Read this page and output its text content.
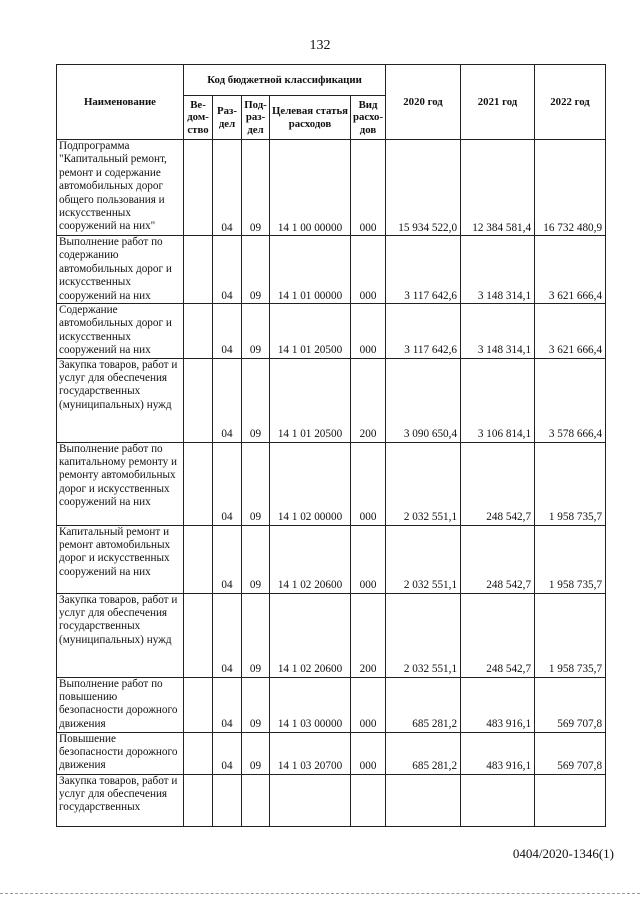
132
Наименование	Код бюджетной классификации					2020 год	2021 год	2022 год
	Ве-дом-ство	Раз-дел	Под-раз-дел	Целевая статья расходов	Вид расхо-дов			
Подпрограмма "Капитальный ремонт, ремонт и содержание автомобильных дорог общего пользования и искусственных сооружений на них"		04	09	14 1 00 00000	000	15 934 522,0	12 384 581,4	16 732 480,9
Выполнение работ по содержанию автомобильных дорог и искусственных сооружений на них		04	09	14 1 01 00000	000	3 117 642,6	3 148 314,1	3 621 666,4
Содержание автомобильных дорог и искусственных сооружений на них		04	09	14 1 01 20500	000	3 117 642,6	3 148 314,1	3 621 666,4
Закупка товаров, работ и услуг для обеспечения государственных (муниципальных) нужд		04	09	14 1 01 20500	200	3 090 650,4	3 106 814,1	3 578 666,4
Выполнение работ по капитальному ремонту и ремонту автомобильных дорог и искусственных сооружений на них		04	09	14 1 02 00000	000	2 032 551,1	248 542,7	1 958 735,7
Капитальный ремонт и ремонт автомобильных дорог и искусственных сооружений на них		04	09	14 1 02 20600	000	2 032 551,1	248 542,7	1 958 735,7
Закупка товаров, работ и услуг для обеспечения государственных (муниципальных) нужд		04	09	14 1 02 20600	200	2 032 551,1	248 542,7	1 958 735,7
Выполнение работ по повышению безопасности дорожного движения		04	09	14 1 03 00000	000	685 281,2	483 916,1	569 707,8
Повышение безопасности дорожного движения		04	09	14 1 03 20700	000	685 281,2	483 916,1	569 707,8
Закупка товаров, работ и услуг для обеспечения государственных								
0404/2020-1346(1)
